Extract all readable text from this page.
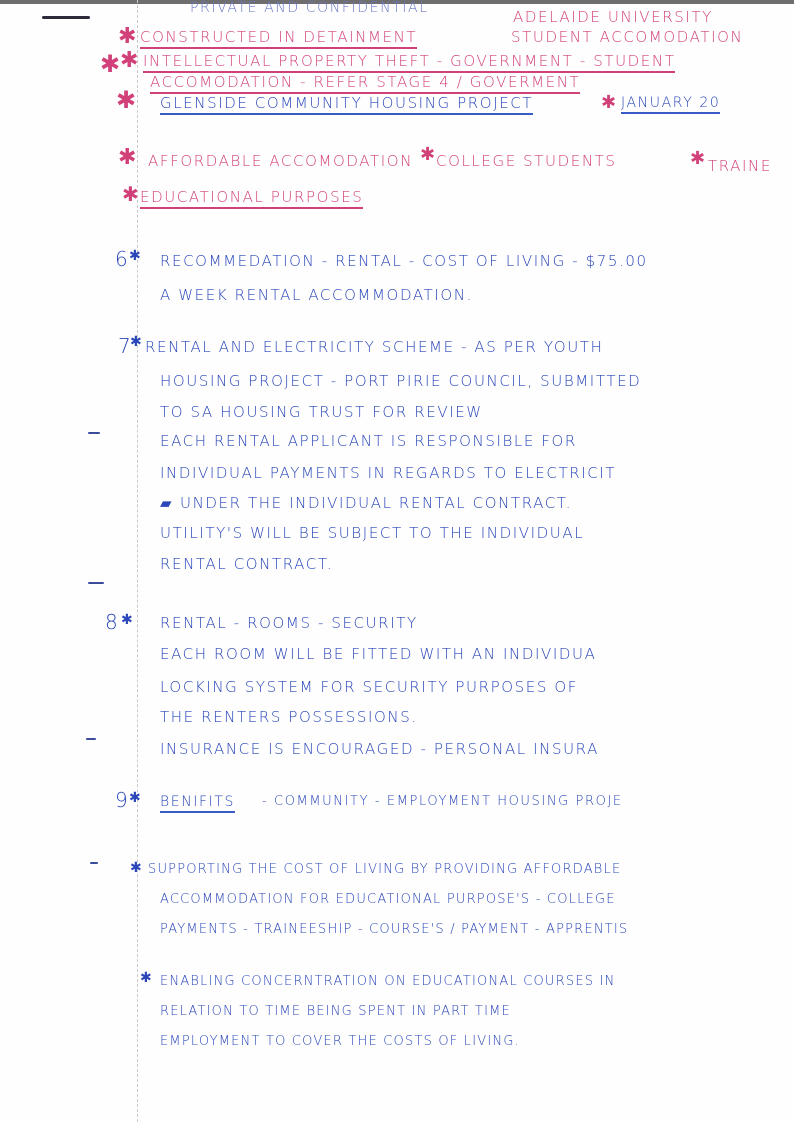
PRIVATE AND CONFIDENTIAL	ADELAIDE UNIVERSITY
✱ CONSTRUCTED IN DETAINMENT	STUDENT ACCOMODATION
✱
✱ INTELLECTUAL PROPERTY THEFT - GOVERNMENT - STUDENT
ACCOMODATION - REFER STAGE 4 / GOVERMENT
✱ GLENSIDE COMMUNITY HOUSING PROJECT	✱ JANUARY 20
✱ AFFORDABLE ACCOMODATION ✱ COLLEGE STUDENTS	✱ TRAINE
✱ EDUCATIONAL PURPOSES
6 ✱ RECOMMEDATION - RENTAL - COST OF LIVING - $75.00
A WEEK RENTAL ACCOMMODATION.
7
✱ RENTAL AND ELECTRICITY SCHEME - AS PER YOUTH
HOUSING PROJECT - PORT PIRIE COUNCIL, SUBMITTED
TO SA HOUSING TRUST FOR REVIEW
EACH RENTAL APPLICANT IS RESPONSIBLE FOR
INDIVIDUAL PAYMENTS IN REGARDS TO ELECTRICIT
▰ UNDER THE INDIVIDUAL RENTAL CONTRACT.
UTILITY'S WILL BE SUBJECT TO THE INDIVIDUAL
RENTAL CONTRACT.
8 ✱ RENTAL - ROOMS - SECURITY
EACH ROOM WILL BE FITTED WITH AN INDIVIDUA
LOCKING SYSTEM FOR SECURITY PURPOSES OF
THE RENTERS POSSESSIONS.
INSURANCE IS ENCOURAGED - PERSONAL INSURA
9 ✱ BENIFITS - COMMUNITY - EMPLOYMENT HOUSING PROJE
✱ SUPPORTING THE COST OF LIVING BY PROVIDING AFFORDABLE
ACCOMMODATION FOR EDUCATIONAL PURPOSE'S - COLLEGE
PAYMENTS - TRAINEESHIP - COURSE'S / PAYMENT - APPRENTIS
✱ ENABLING CONCERNTRATION ON EDUCATIONAL COURSES IN
RELATION TO TIME BEING SPENT IN PART TIME
EMPLOYMENT TO COVER THE COSTS OF LIVING.
